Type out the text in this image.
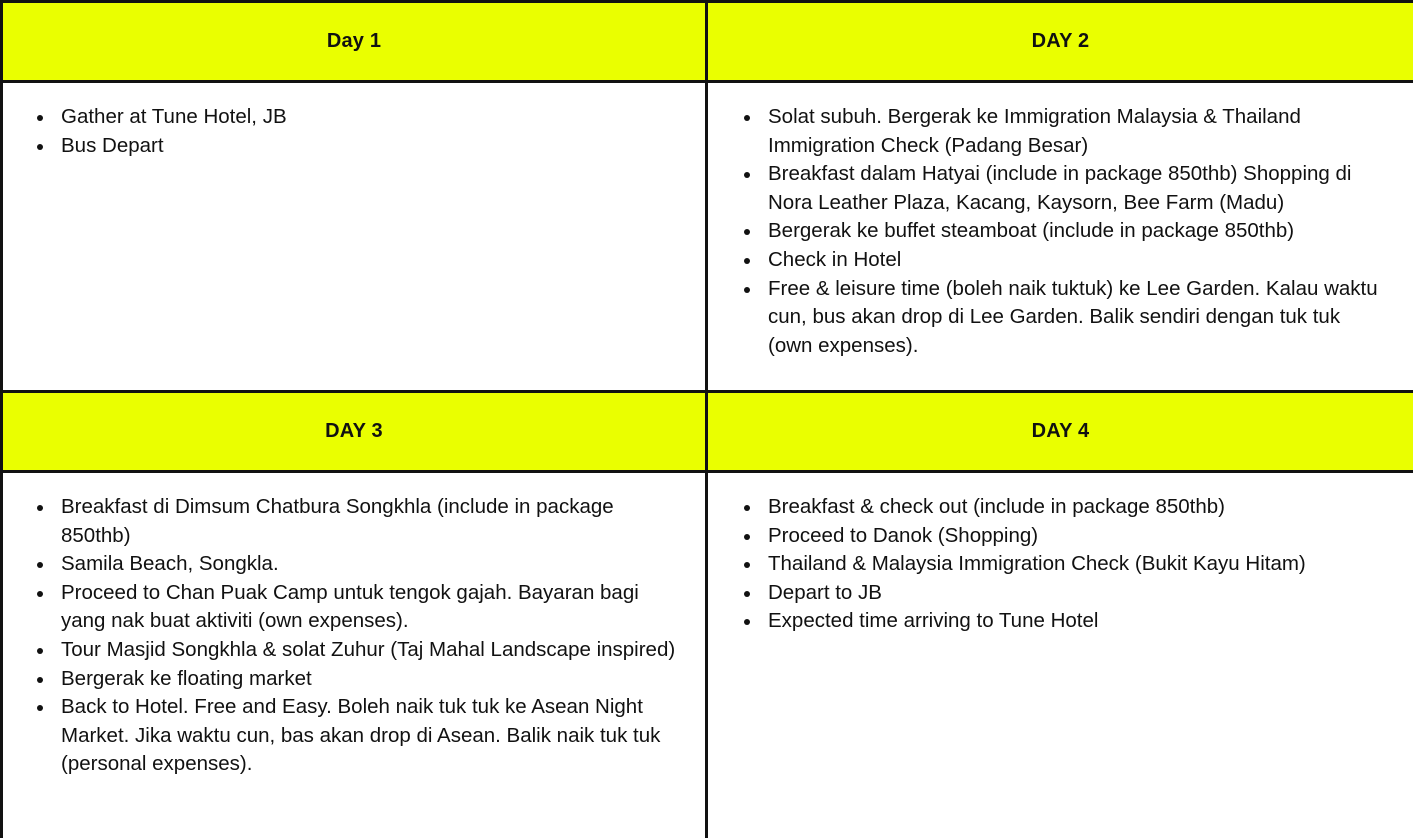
Day 1	DAY 2
Gather at Tune Hotel, JB
Bus Depart
Solat subuh. Bergerak ke Immigration Malaysia & Thailand Immigration Check (Padang Besar)
Breakfast dalam Hatyai (include in package 850thb) Shopping di Nora Leather Plaza, Kacang, Kaysorn, Bee Farm (Madu)
Bergerak ke buffet steamboat (include in package 850thb)
Check in Hotel
Free & leisure time (boleh naik tuktuk) ke Lee Garden. Kalau waktu cun, bus akan drop di Lee Garden. Balik sendiri dengan tuk tuk (own expenses).
DAY 3	DAY 4
Breakfast di Dimsum Chatbura Songkhla (include in package 850thb)
Samila Beach, Songkla.
Proceed to Chan Puak Camp untuk tengok gajah. Bayaran bagi yang nak buat aktiviti (own expenses).
Tour Masjid Songkhla & solat Zuhur (Taj Mahal Landscape inspired)
Bergerak ke floating market
Back to Hotel. Free and Easy. Boleh naik tuk tuk ke Asean Night Market. Jika waktu cun, bas akan drop di Asean. Balik naik tuk tuk (personal expenses).
Breakfast & check out (include in package 850thb)
Proceed to Danok (Shopping)
Thailand & Malaysia Immigration Check (Bukit Kayu Hitam)
Depart to JB
Expected time arriving to Tune Hotel
